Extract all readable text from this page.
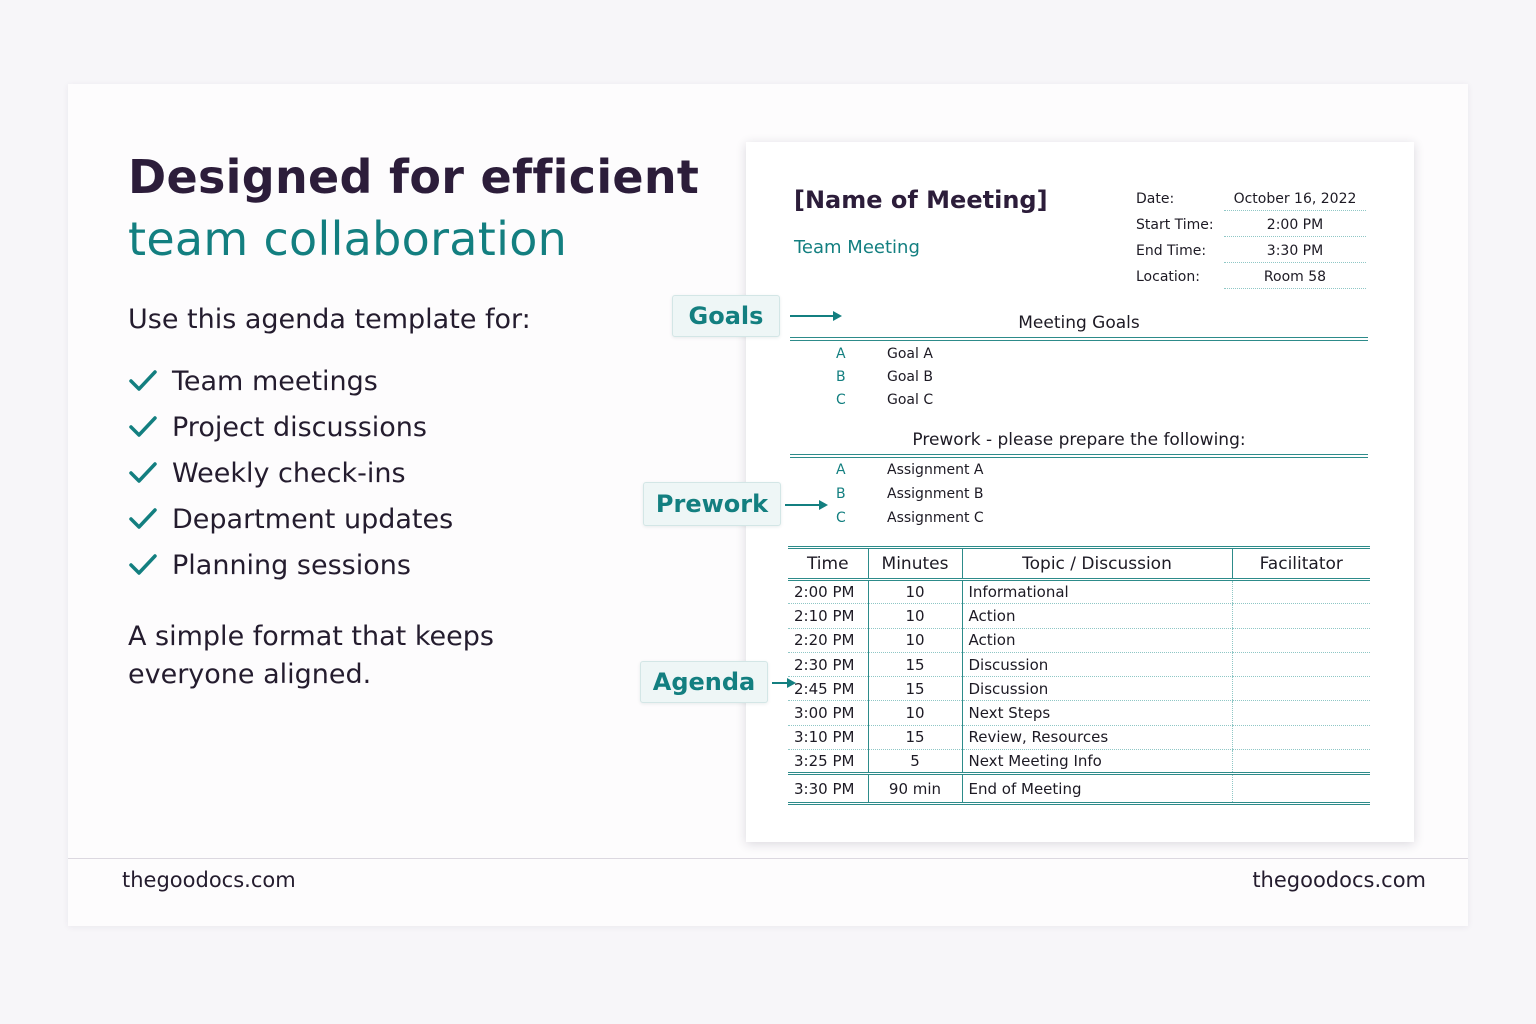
Designed for efficient
team collaboration
Use this agenda template for:
Team meetings
Project discussions
Weekly check-ins
Department updates
Planning sessions
A simple format that keeps everyone aligned.
thegoodocs.com	thegoodocs.com
[Name of Meeting]
Team Meeting
Date:	October 16, 2022
Start Time:	2:00 PM
End Time:	3:30 PM
Location:	Room 58
Meeting Goals
A	Goal A
B	Goal B
C	Goal C
Prework - please prepare the following:
A	Assignment A
B	Assignment B
C	Assignment C
Time	Minutes	Topic / Discussion	Facilitator
2:00 PM	10	Informational	
2:10 PM	10	Action	
2:20 PM	10	Action	
2:30 PM	15	Discussion	
2:45 PM	15	Discussion	
3:00 PM	10	Next Steps	
3:10 PM	15	Review, Resources	
3:25 PM	5	Next Meeting Info	
3:30 PM	90 min	End of Meeting	
Goals
Prework
Agenda
